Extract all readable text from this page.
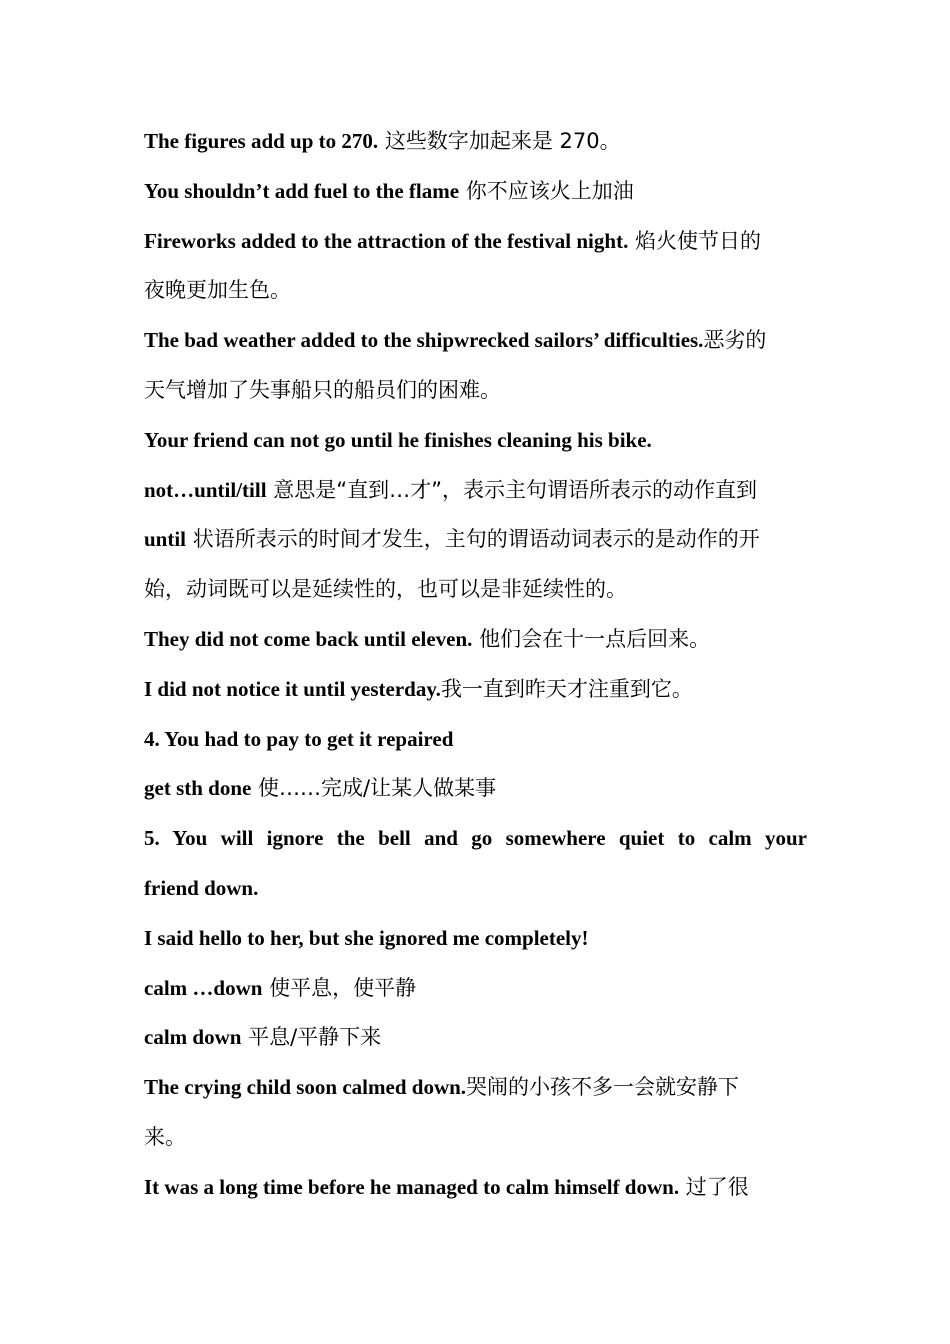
The figures add up to 270. 这些数字加起来是 270。
You shouldn’t add fuel to the flame 你不应该火上加油
Fireworks added to the attraction of the festival night. 焰火使节日的
夜晚更加生色。
The bad weather added to the shipwrecked sailors’ difficulties.恶劣的
天气增加了失事船只的船员们的困难。
Your friend can not go until he finishes cleaning his bike.
not…until/till 意思是“直到…才”，表示主句谓语所表示的动作直到
until 状语所表示的时间才发生，主句的谓语动词表示的是动作的开
始，动词既可以是延续性的，也可以是非延续性的。
They did not come back until eleven. 他们会在十一点后回来。
I did not notice it until yesterday.我一直到昨天才注重到它。
4. You had to pay to get it repaired
get sth done 使……完成/让某人做某事
5. You will ignore the bell and go somewhere quiet to calm your
friend down.
I said hello to her, but she ignored me completely!
calm …down 使平息，使平静
calm down 平息/平静下来
The crying child soon calmed down.哭闹的小孩不多一会就安静下
来。
It was a long time before he managed to calm himself down. 过了很
